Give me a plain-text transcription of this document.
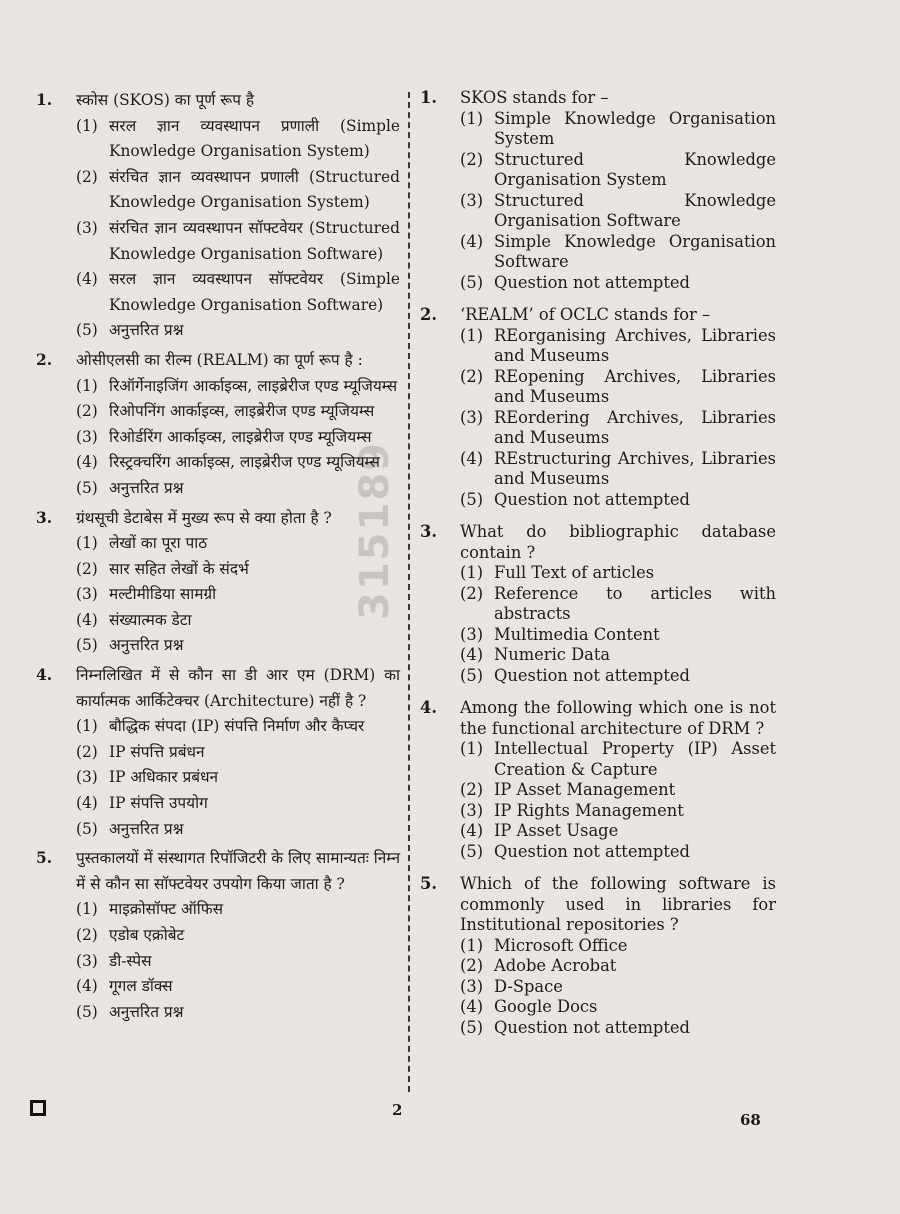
315189
1.	स्कोस (SKOS) का पूर्ण रूप है
(1) सरल ज्ञान व्यवस्थापन प्रणाली (Simple Knowledge Organisation System)
(2) संरचित ज्ञान व्यवस्थापन प्रणाली (Structured Knowledge Organisation System)
(3) संरचित ज्ञान व्यवस्थापन सॉफ्टवेयर (Structured Knowledge Organisation Software)
(4) सरल ज्ञान व्यवस्थापन सॉफ्टवेयर (Simple Knowledge Organisation Software)
(5) अनुत्तरित प्रश्न
2.	ओसीएलसी का रील्म (REALM) का पूर्ण रूप है :
(1) रिऑर्गेनाइजिंग आर्काइव्स, लाइब्रेरीज एण्ड म्यूजियम्स
(2) रिओपनिंग आर्काइव्स, लाइब्रेरीज एण्ड म्यूजियम्स
(3) रिओर्डरिंग आर्काइव्स, लाइब्रेरीज एण्ड म्यूजियम्स
(4) रिस्ट्रक्चरिंग आर्काइव्स, लाइब्रेरीज एण्ड म्यूजियम्स
(5) अनुत्तरित प्रश्न
3.	ग्रंथसूची डेटाबेस में मुख्य रूप से क्या होता है ?
(1) लेखों का पूरा पाठ
(2) सार सहित लेखों के संदर्भ
(3) मल्टीमीडिया सामग्री
(4) संख्यात्मक डेटा
(5) अनुत्तरित प्रश्न
4.	निम्नलिखित में से कौन सा डी आर एम (DRM) का कार्यात्मक आर्किटेक्चर (Architecture) नहीं है ?
(1) बौद्धिक संपदा (IP) संपत्ति निर्माण और कैप्चर
(2) IP संपत्ति प्रबंधन
(3) IP अधिकार प्रबंधन
(4) IP संपत्ति उपयोग
(5) अनुत्तरित प्रश्न
5.	पुस्तकालयों में संस्थागत रिपॉजिटरी के लिए सामान्यतः निम्न में से कौन सा सॉफ्टवेयर उपयोग किया जाता है ?
(1) माइक्रोसॉफ्ट ऑफिस
(2) एडोब एक्रोबेट
(3) डी-स्पेस
(4) गूगल डॉक्स
(5) अनुत्तरित प्रश्न
1.	SKOS stands for –
(1) Simple Knowledge Organisation System
(2) Structured Knowledge Organisation System
(3) Structured Knowledge Organisation Software
(4) Simple Knowledge Organisation Software
(5) Question not attempted
2.	‘REALM’ of OCLC stands for –
(1) REorganising Archives, Libraries and Museums
(2) REopening Archives, Libraries and Museums
(3) REordering Archives, Libraries and Museums
(4) REstructuring Archives, Libraries and Museums
(5) Question not attempted
3.	What do bibliographic database contain ?
(1) Full Text of articles
(2) Reference to articles with abstracts
(3) Multimedia Content
(4) Numeric Data
(5) Question not attempted
4.	Among the following which one is not the functional architecture of DRM ?
(1) Intellectual Property (IP) Asset Creation & Capture
(2) IP Asset Management
(3) IP Rights Management
(4) IP Asset Usage
(5) Question not attempted
5.	Which of the following software is commonly used in libraries for Institutional repositories ?
(1) Microsoft Office
(2) Adobe Acrobat
(3) D-Space
(4) Google Docs
(5) Question not attempted
2
68
